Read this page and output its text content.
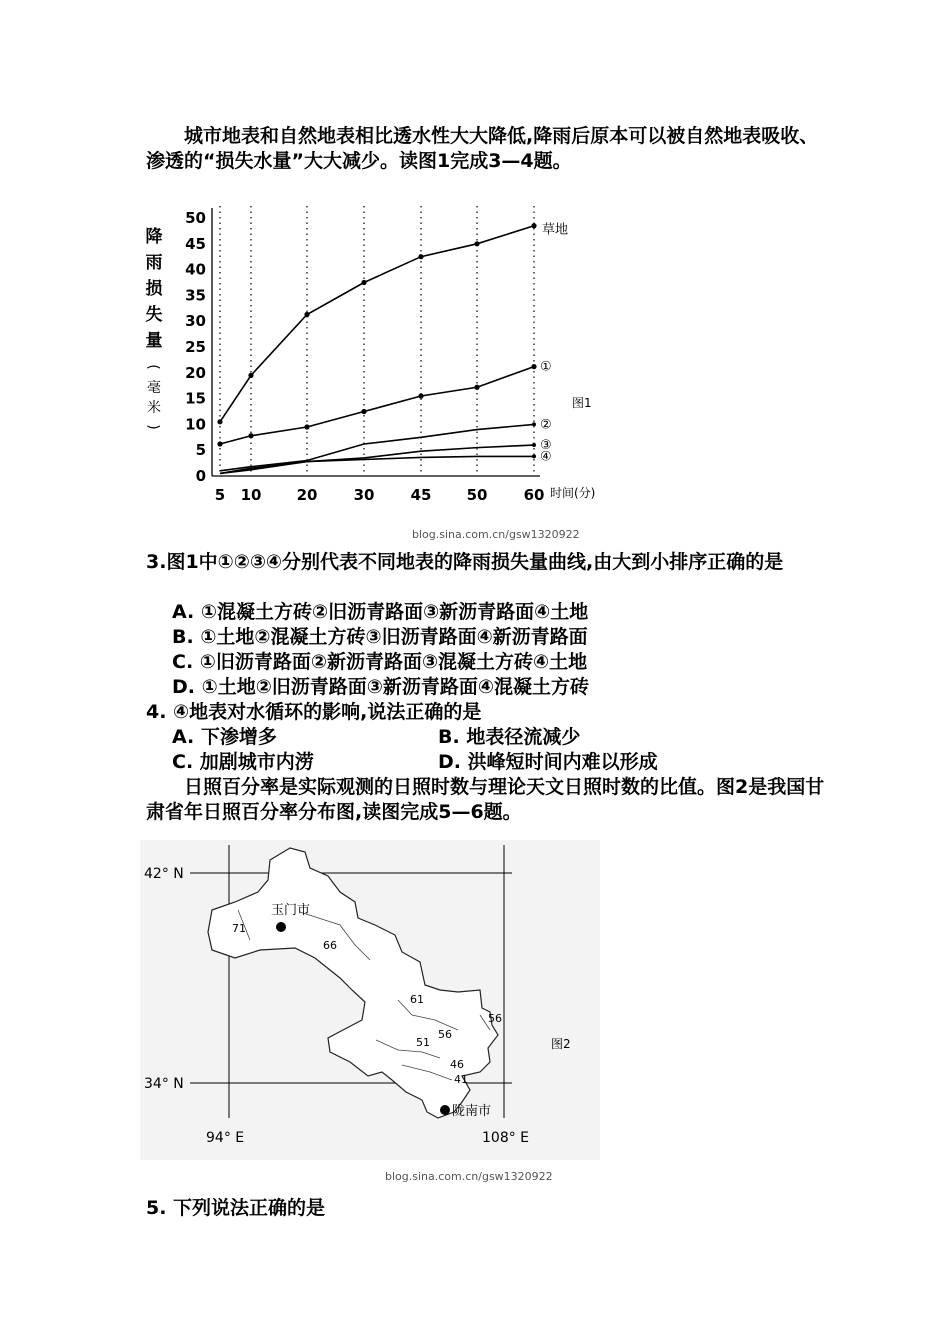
城市地表和自然地表相比透水性大大降低,降雨后原本可以被自然地表吸收、渗透的“损失水量”大大减少。读图1完成3—4题。

降
雨
损
失
量
(
毫
米
)
0
5
10
15
20
25
30
35
40
45
50
5 10 20 30 45 50 60
草地
①
②
③
④
时间(分)
图1
blog.sina.com.cn/gsw1320922

3.图1中①②③④分别代表不同地表的降雨损失量曲线,由大到小排序正确的是

A. ①混凝土方砖②旧沥青路面③新沥青路面④土地
B. ①土地②混凝土方砖③旧沥青路面④新沥青路面
C. ①旧沥青路面②新沥青路面③混凝土方砖④土地
D. ①土地②旧沥青路面③新沥青路面④混凝土方砖
4. ④地表对水循环的影响,说法正确的是
A. 下渗增多	B. 地表径流减少
C. 加剧城市内涝	D. 洪峰短时间内难以形成

日照百分率是实际观测的日照时数与理论天文日照时数的比值。图2是我国甘肃省年日照百分率分布图,读图完成5—6题。

42° N
34° N
94° E	108° E
玉门市
陇南市
71
66
61
56
56
51
46
41
图2
blog.sina.com.cn/gsw1320922
5. 下列说法正确的是
